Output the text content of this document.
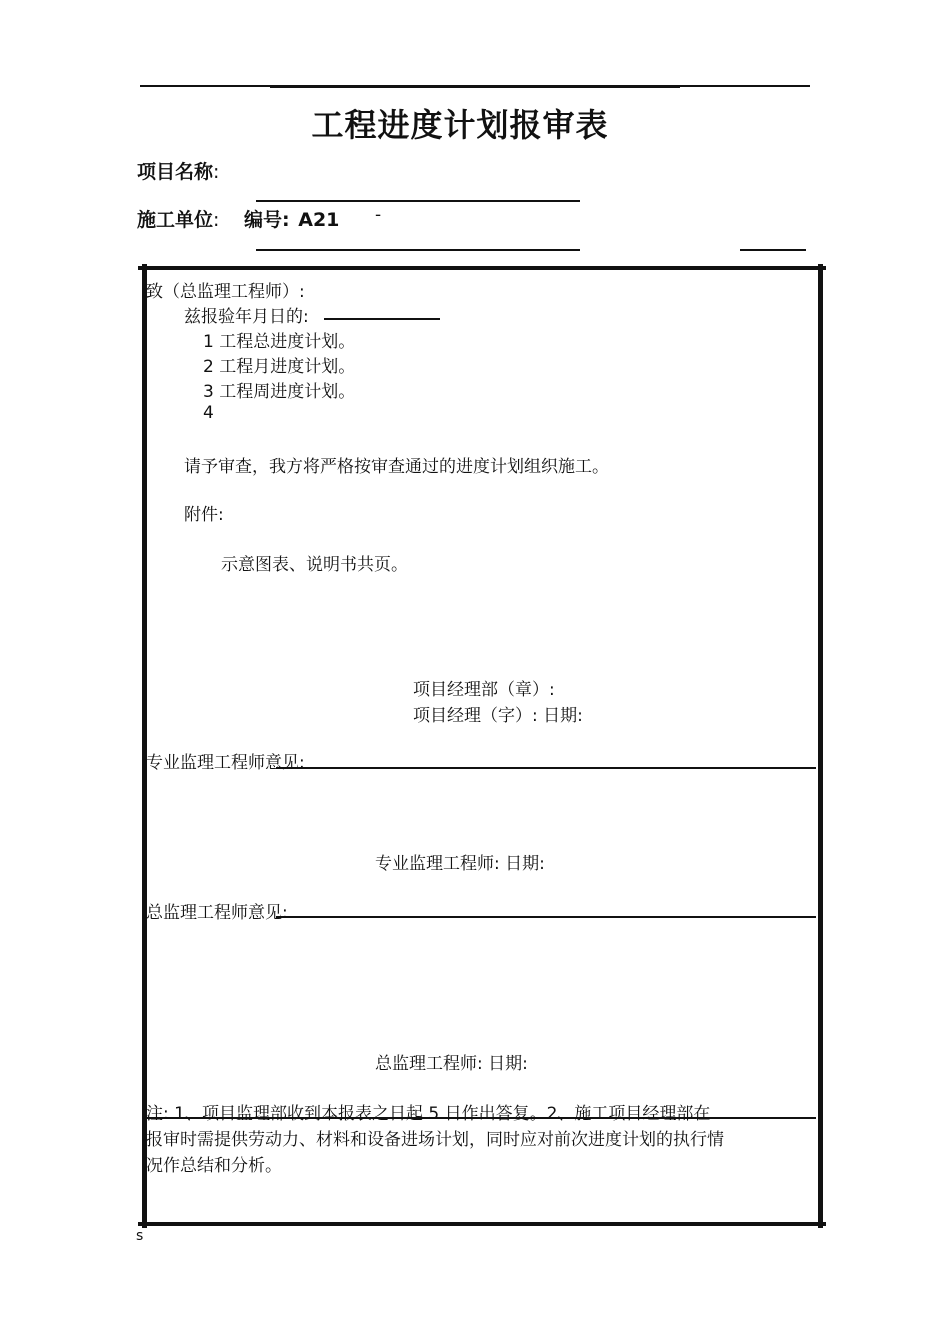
工程进度计划报审表
项目名称:
施工单位: 编号: A21 -
致（总监理工程师）:
兹报验年月日的:
1 工程总进度计划。
2 工程月进度计划。
3 工程周进度计划。
4
请予审查，我方将严格按审查通过的进度计划组织施工。
附件:
示意图表、说明书共页。
项目经理部（章）:
项目经理（字）: 日期:
专业监理工程师意见:
专业监理工程师: 日期:
总监理工程师意见:
总监理工程师: 日期:
注: 1、项目监理部收到本报表之日起 5 日作出答复。2、施工项目经理部在
报审时需提供劳动力、材料和设备进场计划，同时应对前次进度计划的执行情
况作总结和分析。
s
